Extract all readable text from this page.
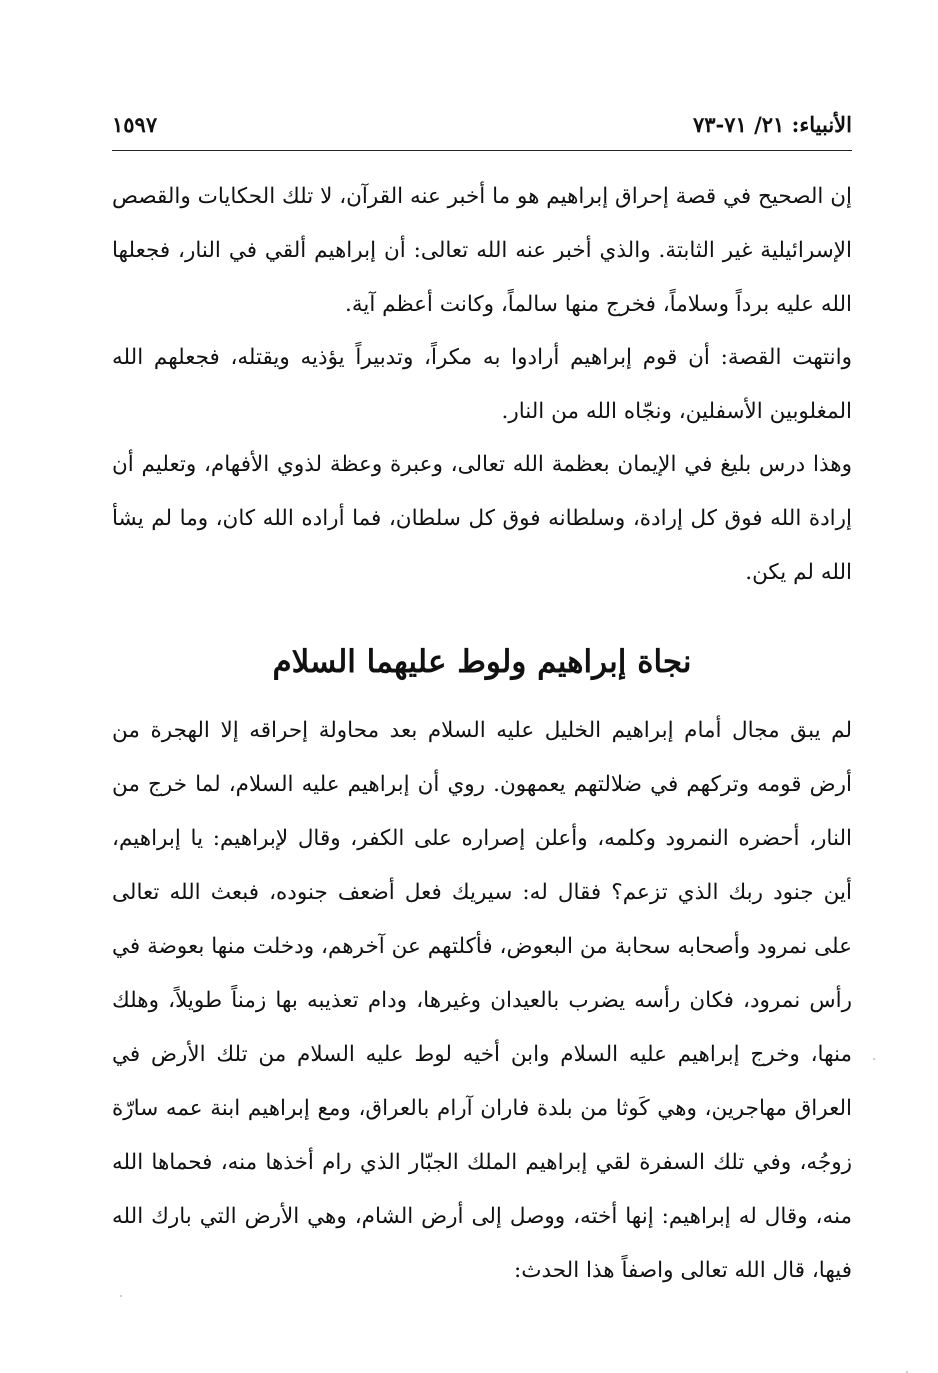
الأنبياء: ٢١/ ٧١-٧٣
١٥٩٧

إن الصحيح في قصة إحراق إبراهيم هو ما أخبر عنه القرآن، لا تلك الحكايات والقصص الإسرائيلية غير الثابتة. والذي أخبر عنه الله تعالى: أن إبراهيم ألقي في النار، فجعلها الله عليه برداً وسلاماً، فخرج منها سالماً، وكانت أعظم آية.

وانتهت القصة: أن قوم إبراهيم أرادوا به مكراً، وتدبيراً يؤذيه ويقتله، فجعلهم الله المغلوبين الأسفلين، ونجّاه الله من النار.

وهذا درس بليغ في الإيمان بعظمة الله تعالى، وعبرة وعظة لذوي الأفهام، وتعليم أن إرادة الله فوق كل إرادة، وسلطانه فوق كل سلطان، فما أراده الله كان، وما لم يشأ الله لم يكن.

نجاة إبراهيم ولوط عليهما السلام

لم يبق مجال أمام إبراهيم الخليل عليه السلام بعد محاولة إحراقه إلا الهجرة من أرض قومه وتركهم في ضلالتهم يعمهون. روي أن إبراهيم عليه السلام، لما خرج من النار، أحضره النمرود وكلمه، وأعلن إصراره على الكفر، وقال لإبراهيم: يا إبراهيم، أين جنود ربك الذي تزعم؟ فقال له: سيريك فعل أضعف جنوده، فبعث الله تعالى على نمرود وأصحابه سحابة من البعوض، فأكلتهم عن آخرهم، ودخلت منها بعوضة في رأس نمرود، فكان رأسه يضرب بالعيدان وغيرها، ودام تعذيبه بها زمناً طويلاً، وهلك منها، وخرج إبراهيم عليه السلام وابن أخيه لوط عليه السلام من تلك الأرض في العراق مهاجرين، وهي كَوثا من بلدة فاران آرام بالعراق، ومع إبراهيم ابنة عمه سارّة زوجُه، وفي تلك السفرة لقي إبراهيم الملك الجبّار الذي رام أخذها منه، فحماها الله منه، وقال له إبراهيم: إنها أخته، ووصل إلى أرض الشام، وهي الأرض التي بارك الله فيها، قال الله تعالى واصفاً هذا الحدث:
